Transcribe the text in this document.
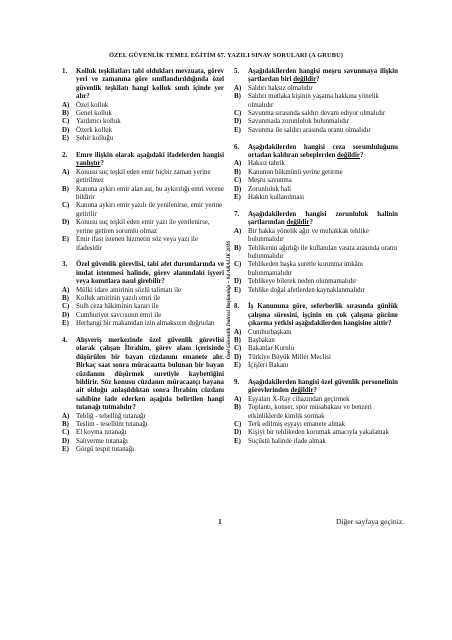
ÖZEL GÜVENLİK TEMEL EĞİTİM 67. YAZILI SINAV SORULARI (A GRUBU)
1.	Kolluk teşkilatları tabi oldukları mevzuata, görev yeri ve zamanına göre sınıflandırıldığında özel güvenlik teşkilatı hangi kolluk sınıfı içinde yer alır?
A) Özel kolluk
B)	Genel kolluk
C) Yardımcı kolluk
D) Özerk kolluk
E)	Şehir kolluğu
2.	Emre ilişkin olarak aşağıdaki ifadelerden hangisi yanlıştır?
A) Konusu suç teşkil eden emir hiçbir zaman yerine getirilmez
B)	Kanuna aykırı emir alan ast, bu aykırılığı emri verene bildirir
C) Kanuna aykırı emir yazılı ile yenilenirse, emir yerine getirilir
D) Konusu suç teşkil eden emir yazı ile yenilenirse, yerine getiren sorumlu olmaz
E)	Emir ifası istenen hizmetin söz veya yazı ile ifadesidir
3.	Özel güvenlik görevlisi, tabi afet durumlarında ve imdat istenmesi halinde, görev alanındaki işyeri veya konutlara nasıl girebilir?
A) Mülki idare amirinin sözlü talimatı ile
B)	Kolluk amirinin yazılı emri ile
C) Sulh ceza hâkiminin kararı ile
D) Cumhuriyet savcısının emri ile
E)	Herhangi bir makamdan izin almaksızın doğrudan
4.	Alışveriş merkezinde özel güvenlik görevlisi olarak çalışan İbrahim, görev alanı içerisinde düşürülen bir bayan cüzdanını emanete alır. Birkaç saat sonra müracaatta bulunan bir bayan cüzdanını düşürmek suretiyle kaybettiğini bildirir. Söz konusu cüzdanın müracaatçı bayana ait olduğu anlaşıldıktan sonra İbrahim cüzdanı sahibine iade ederken aşağıda belirtilen hangi tutanağı tutmalıdır?
A) Tebliğ - tebellüğ tutanağı
B)	Teslim - tesellüm tutanağı
C) El koyma tutanağı
D) Salıverme tutanağı
E)	Görgü tespit tutanağı
Özel Güvenlik Dairesi Başkanlığı – 04 ARALIK 2016
5.	Aşağıdakilerden hangisi meşru savunmaya ilişkin şartlardan biri değildir?
A) Saldırı haksız olmalıdır
B)	Saldırı mutlaka kişinin yaşama hakkına yönelik olmalıdır
C) Savunma sırasında saldırı devam ediyor olmalıdır
D) Savunmada zorunluluk bulunmalıdır
E)	Savunma ile saldırı arasında orantı olmalıdır
6.	Aşağıdakilerden hangisi ceza sorumluluğunu ortadan kaldıran sebeplerden değildir?
A) Haksız tahrik
B)	Kanunun hükmünü yerine getirme
C) Meşru savunma
D) Zorunluluk hali
E)	Hakkın kullanılması
7.	Aşağıdakilerden hangisi zorunluluk halinin şartlarından değildir?
A) Bir hakka yönelik ağır ve muhakkak tehlike bulunmalıdır
B)	Tehlikenin ağırlığı ile kullanılan vasıta arasında orantı bulunmalıdır
C) Tehlikeden başka suretle korunma imkânı bulunmamalıdır
D) Tehlikeye bilerek neden olunmamalıdır
E)	Tehlike doğal afetlerden kaynaklanmalıdır
8.	İş Kanununa göre, seferberlik sırasında günlük çalışma süresini, işçinin en çok çalışma gücüne çıkarma yetkisi aşağıdakilerden hangisine aittir?
A) Cumhurbaşkanı
B)	Başbakan
C) Bakanlar Kurulu
D) Türkiye Büyük Millet Meclisi
E)	İçişleri Bakanı
9.	Aşağıdakilerden hangisi özel güvenlik personelinin görevlerinden değildir?
A) Eşyaları X-Ray cihazından geçirmek
B)	Toplantı, konser, spor müsabakası ve benzeri etkinliklerde kimlik sormak
C) Terk edilmiş eşyayı emanete almak
D) Kişiyi bir tehlikeden korumak amacıyla yakalamak
E)	Suçüstü halinde ifade almak
1	Diğer sayfaya geçiniz.
